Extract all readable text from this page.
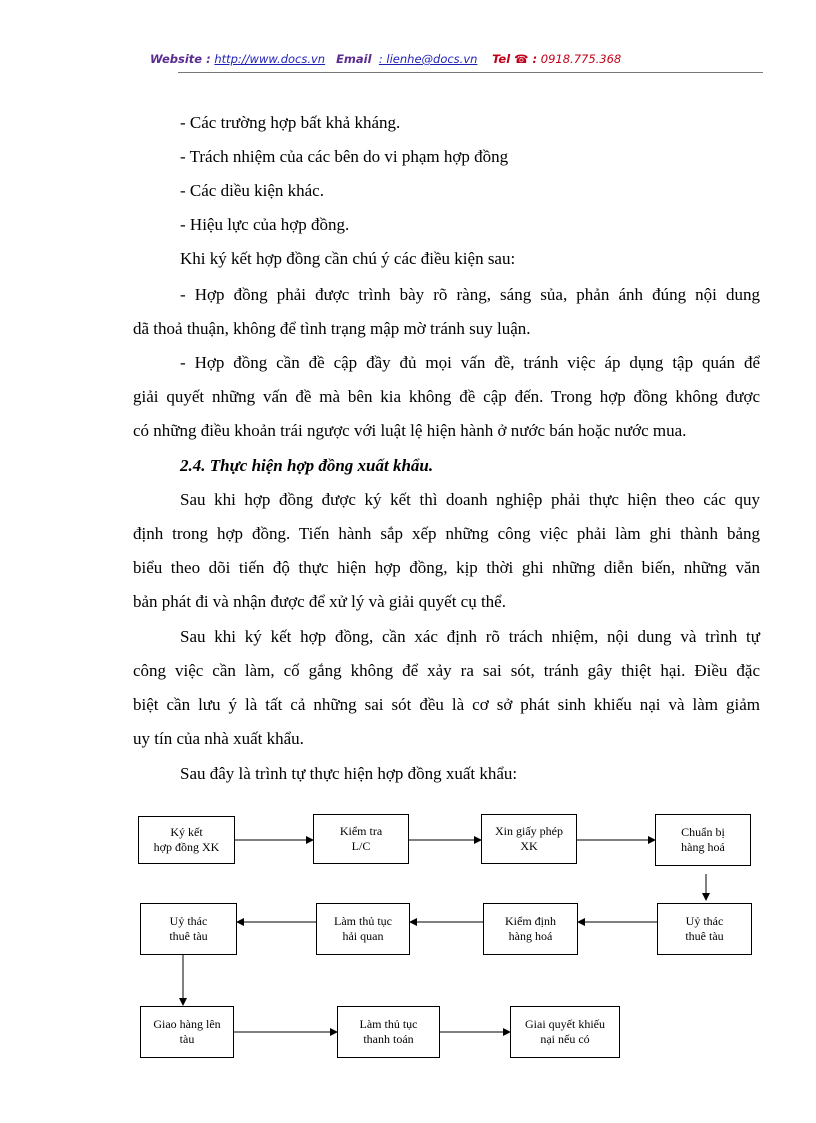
Website : http://www.docs.vn Email : lienhe@docs.vn Tel ☎ : 0918.775.368
- Các trường hợp bất khả kháng.
- Trách nhiệm của các bên do vi phạm hợp đồng
- Các diều kiện khác.
- Hiệu lực của hợp đồng.
Khi ký kết hợp đồng cần chú ý các điều kiện sau:
- Hợp đồng phải được trình bày rõ ràng, sáng sủa, phản ánh đúng nội dung
dã thoả thuận, không để tình trạng mập mờ tránh suy luận.
- Hợp đồng cần đề cập đầy đủ mọi vấn đề, tránh việc áp dụng tập quán để
giải quyết những vấn đề mà bên kia không đề cập đến. Trong hợp đồng không được
có những điều khoản trái ngược với luật lệ hiện hành ở nước bán hoặc nước mua.
2.4. Thực hiện hợp đồng xuất khẩu.
Sau khi hợp đồng được ký kết thì doanh nghiệp phải thực hiện theo các quy
định trong hợp đồng. Tiến hành sắp xếp những công việc phải làm ghi thành bảng
biểu theo dõi tiến độ thực hiện hợp đồng, kịp thời ghi những diễn biến, những văn
bản phát đi và nhận được để xử lý và giải quyết cụ thể.
Sau khi ký kết hợp đồng, cần xác định rõ trách nhiệm, nội dung và trình tự
công việc cần làm, cố gắng không để xảy ra sai sót, tránh gây thiệt hại. Điều đặc
biệt cần lưu ý là tất cả những sai sót đều là cơ sở phát sinh khiếu nại và làm giảm
uy tín của nhà xuất khẩu.
Sau đây là trình tự thực hiện hợp đồng xuất khẩu:
Ký kết
hợp đồng XK
Kiểm tra
L/C
Xin giấy phép
XK
Chuẩn bị
hàng hoá
Uỷ thác
thuê tàu
Kiểm định
hàng hoá
Làm thủ tục
hải quan
Uỷ thác
thuê tàu
Giao hàng lên
tàu
Làm thủ tục
thanh toán
Giai quyết khiếu
nại nếu có
